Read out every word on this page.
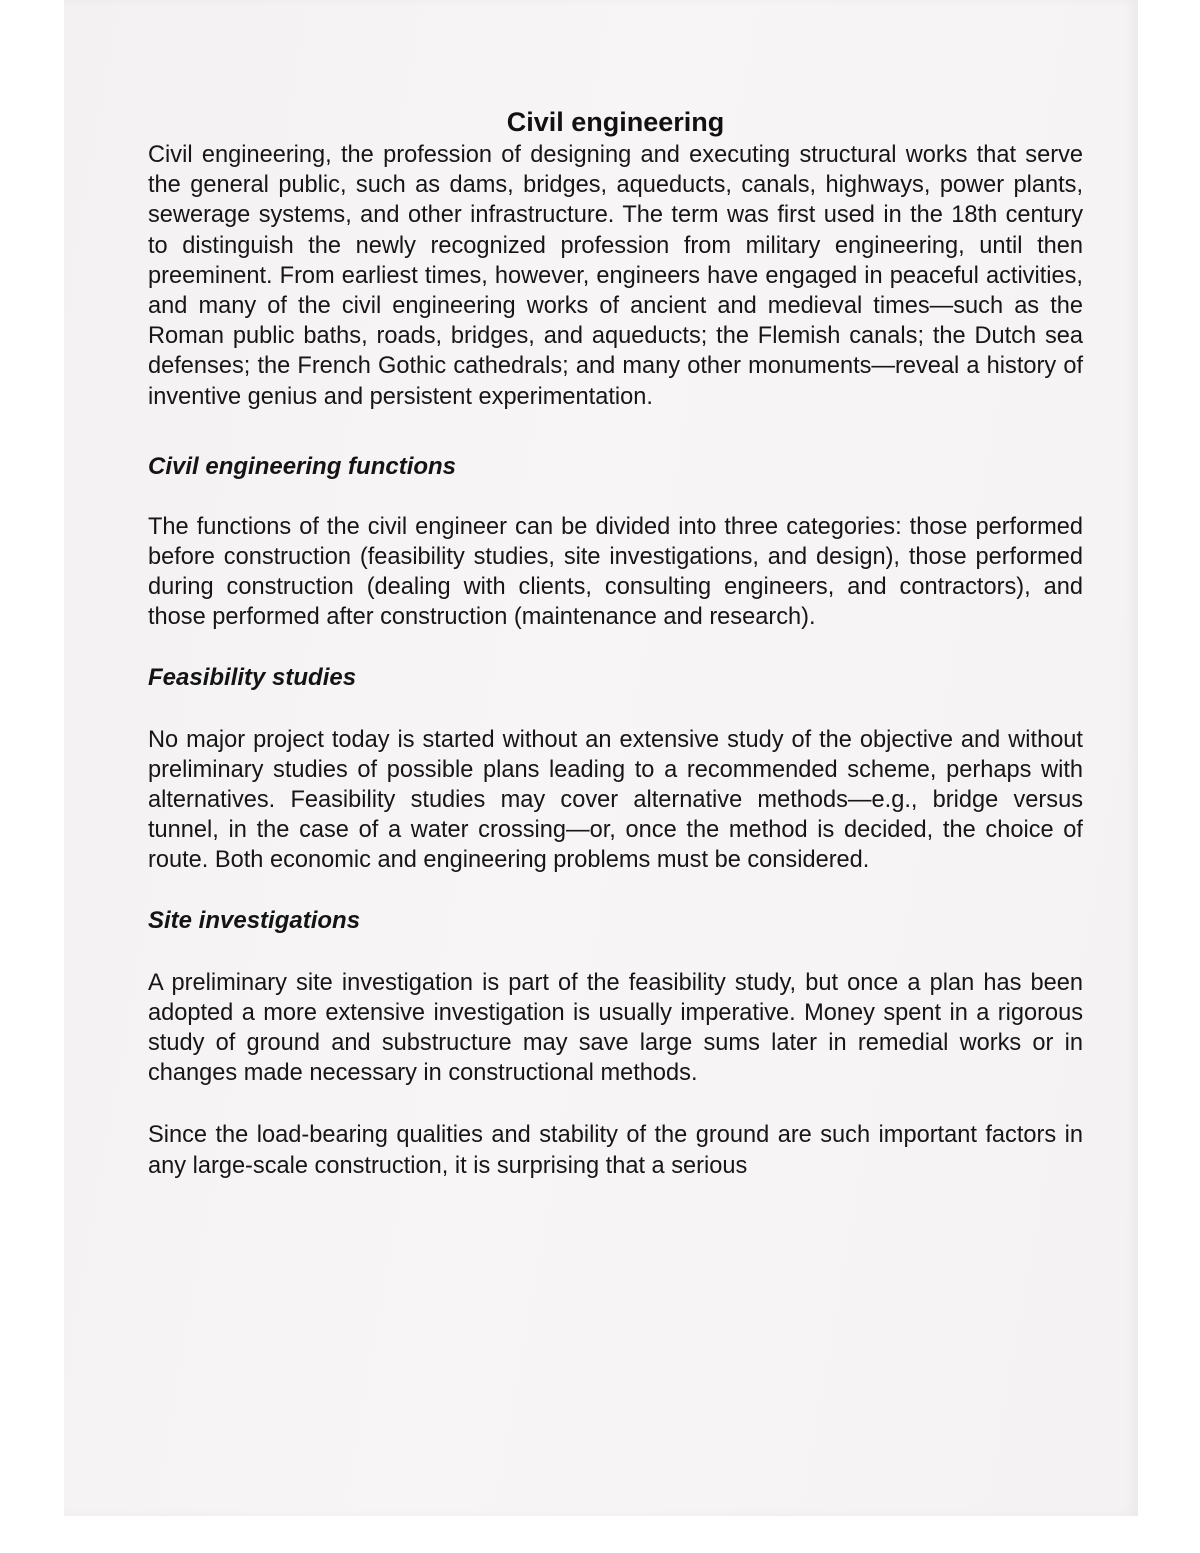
Civil engineering

Civil engineering, the profession of designing and executing structural works that serve the general public, such as dams, bridges, aqueducts, canals, highways, power plants, sewerage systems, and other infrastructure. The term was first used in the 18th century to distinguish the newly recognized profession from military engineering, until then preeminent. From earliest times, however, engineers have engaged in peaceful activities, and many of the civil engineering works of ancient and medieval times—such as the Roman public baths, roads, bridges, and aqueducts; the Flemish canals; the Dutch sea defenses; the French Gothic cathedrals; and many other monuments—reveal a history of inventive genius and persistent experimentation.

Civil engineering functions

The functions of the civil engineer can be divided into three categories: those performed before construction (feasibility studies, site investigations, and design), those performed during construction (dealing with clients, consulting engineers, and contractors), and those performed after construction (maintenance and research).

Feasibility studies

No major project today is started without an extensive study of the objective and without preliminary studies of possible plans leading to a recommended scheme, perhaps with alternatives. Feasibility studies may cover alternative methods—e.g., bridge versus tunnel, in the case of a water crossing—or, once the method is decided, the choice of route. Both economic and engineering problems must be considered.

Site investigations

A preliminary site investigation is part of the feasibility study, but once a plan has been adopted a more extensive investigation is usually imperative. Money spent in a rigorous study of ground and substructure may save large sums later in remedial works or in changes made necessary in constructional methods.

Since the load-bearing qualities and stability of the ground are such important factors in any large-scale construction, it is surprising that a serious
